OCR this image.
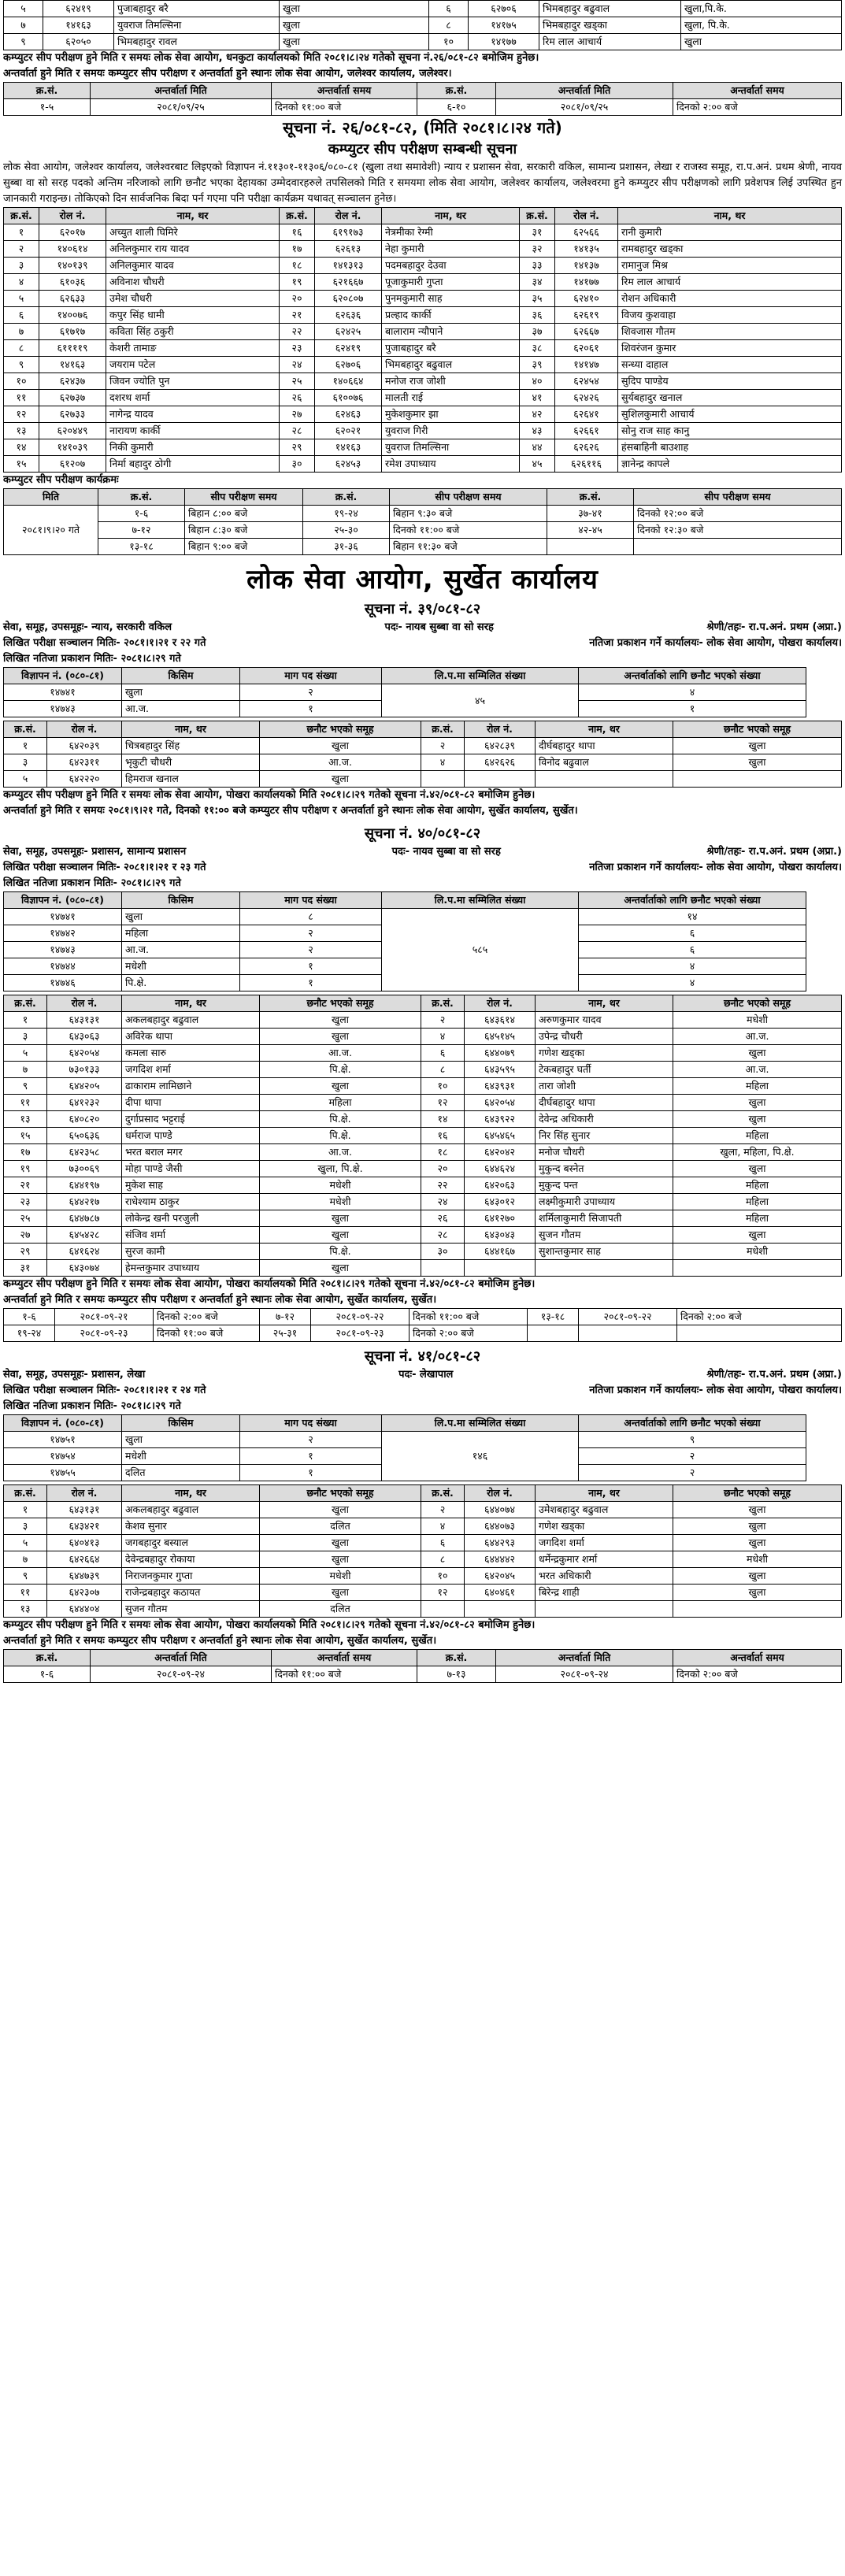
५	६२४१९	पुजाबहादुर बरै	खुला	६	६२७०६	भिमबहादुर बढुवाल	खुला,पि.के.
७	१४१६३	युवराज तिमल्सिना	खुला	८	१४१७५	भिमबहादुर खड्का	खुला, पि.के.
९	६२०५०	भिमबहादुर रावल	खुला	१०	१४१७७	रिम लाल आचार्य	खुला
कम्प्युटर सीप परीक्षण हुने मिति र समयः लोक सेवा आयोग, धनकुटा कार्यालयको मिति २०८१।८।२४ गतेको सूचना नं.२६/०८१-८२ बमोजिम हुनेछ।
अन्तर्वार्ता हुने मिति र समयः कम्प्युटर सीप परीक्षण र अन्तर्वार्ता हुने स्थानः लोक सेवा आयोग, जलेश्वर कार्यालय, जलेश्वर।
क्र.सं.	अन्तर्वार्ता मिति	अन्तर्वार्ता समय	क्र.सं.	अन्तर्वार्ता मिति	अन्तर्वार्ता समय
१-५	२०८१/०९/२५	दिनको ११:०० बजे	६-१०	२०८१/०९/२५	दिनको २:०० बजे
सूचना नं. २६/०८१-८२, (मिति २०८१।८।२४ गते)
कम्प्युटर सीप परीक्षण सम्बन्धी सूचना
लोक सेवा आयोग, जलेश्वर कार्यालय, जलेश्वरबाट लिइएको विज्ञापन नं.११३०१-११३०६/०८०-८१ (खुला तथा समावेशी) न्याय र प्रशासन सेवा, सरकारी वकिल, सामान्य प्रशासन, लेखा र राजस्व समूह, रा.प.अनं. प्रथम श्रेणी, नायव सुब्बा वा सो सरह पदको अन्तिम नरिजाको लागि छनौट भएका देहायका उम्मेदवारहरुले तपसिलको मिति र समयमा लोक सेवा आयोग, जलेश्वर कार्यालय, जलेश्वरमा हुने कम्प्युटर सीप परीक्षणको लागि प्रवेशपत्र लिई उपस्थित हुन जानकारी गराइन्छ। तोकिएको दिन सार्वजनिक बिदा पर्न गएमा पनि परीक्षा कार्यक्रम यथावत् सञ्चालन हुनेछ।
क्र.सं.	रोल नं.	नाम, थर	क्र.सं.	रोल नं.	नाम, थर	क्र.सं.	रोल नं.	नाम, थर
१	६२०१७	अच्युत शाली घिमिरे	१६	६१९१७३	नेत्रमीका रेग्मी	३१	६२५६६	रानी कुमारी
२	१४०६१४	अनिलकुमार राय यादव	१७	६२६१३	नेहा कुमारी	३२	१४१३५	रामबहादुर खड्का
३	१४०१३९	अनिलकुमार यादव	१८	१४१३१३	पदमबहादुर देउवा	३३	१४१३७	रामानुज मिश्र
४	६१०३६	अविनाश चौधरी	१९	६२१६६७	पूजाकुमारी गुप्ता	३४	१४१७७	रिम लाल आचार्य
५	६२६३३	उमेश चौधरी	२०	६२०८०७	पुनमकुमारी साह	३५	६२४१०	रोशन अधिकारी
६	१४००७६	कपुर सिंह धामी	२१	६२६३६	प्रल्हाद कार्की	३६	६२६१९	विजय कुशवाहा
७	६१७१७	कविता सिंह ठकुरी	२२	६२४२५	बालाराम न्यौपाने	३७	६२६६७	शिवजास गौतम
८	६११११९	केशरी तामाङ	२३	६२४१९	पुजाबहादुर बरै	३८	६२०६१	शिवरंजन कुमार
९	१४१६३	जयराम पटेल	२४	६२७०६	भिमबहादुर बढुवाल	३९	१४१४७	सन्ध्या दाहाल
१०	६२४३७	जिवन ज्योति पुन	२५	१४०६६४	मनोज राज जोशी	४०	६२४५४	सुदिप पाण्डेय
११	६२७३७	दशरथ शर्मा	२६	६१००७६	मालती राई	४१	६२४२६	सुर्यबहादुर खनाल
१२	६२७३३	नागेन्द्र यादव	२७	६२४६३	मुकेशकुमार झा	४२	६२६४१	सुशिलकुमारी आचार्य
१३	६२०४४९	नारायण कार्की	२८	६२०२१	युवराज गिरी	४३	६२६६१	सोनु राज साह कानु
१४	१४१०३९	निकी कुमारी	२९	१४१६३	युवराज तिमल्सिना	४४	६२६२६	हंसबाहिनी बाउशाह
१५	६१२०७	निर्मा बहादुर ठोगी	३०	६२४५३	रमेश उपाध्याय	४५	६२६११६	ज्ञानेन्द्र कापले
कम्प्युटर सीप परीक्षण कार्यक्रमः
मिति	क्र.सं.	सीप परीक्षण समय	क्र.सं.	सीप परीक्षण समय	क्र.सं.	सीप परीक्षण समय
२०८१।९।२० गते	१-६	बिहान ८:०० बजे	१९-२४	बिहान ९:३० बजे	३७-४१	दिनको १२:०० बजे
	७-१२	बिहान ८:३० बजे	२५-३०	दिनको ११:०० बजे	४२-४५	दिनको १२:३० बजे
	१३-१८	बिहान ९:०० बजे	३१-३६	बिहान ११:३० बजे		
लोक सेवा आयोग, सुर्खेत कार्यालय
सूचना नं. ३९/०८१-८२
सेवा, समूह, उपसमूहः- न्याय, सरकारी वकिल	पदः- नायब सुब्बा वा सो सरह	श्रेणी/तहः- रा.प.अनं. प्रथम (अप्रा.)
लिखित परीक्षा सञ्चालन मितिः- २०८१।१।२१ र २२ गते	नतिजा प्रकाशन गर्ने कार्यालयः- लोक सेवा आयोग, पोखरा कार्यालय।
लिखित नतिजा प्रकाशन मितिः- २०८१।८।२९ गते
विज्ञापन नं. (०८०-८१)	किसिम	माग पद संख्या	लि.प.मा सम्मिलित संख्या	अन्तर्वार्ताको लागि छनौट भएको संख्या
१४७४१	खुला	२	४५	४
१४७४३	आ.ज.	१		१
क्र.सं.	रोल नं.	नाम, थर	छनौट भएको समूह	क्र.सं.	रोल नं.	नाम, थर	छनौट भएको समूह
१	६४२०३९	चित्रबहादुर सिंह	खुला	२	६४२८३९	दीर्घबहादुर थापा	खुला
३	६४२३११	भृकुटी चौधरी	आ.ज.	४	६४२६२६	विनोद बढुवाल	खुला
५	६४२२२०	हिमराज खनाल	खुला				
कम्प्युटर सीप परीक्षण हुने मिति र समयः लोक सेवा आयोग, पोखरा कार्यालयको मिति २०८१।८।२९ गतेको सूचना नं.४२/०८१-८२ बमोजिम हुनेछ।
अन्तर्वार्ता हुने मिति र समयः २०८१।९।२१ गते, दिनको ११:०० बजे कम्प्युटर सीप परीक्षण र अन्तर्वार्ता हुने स्थानः लोक सेवा आयोग, सुर्खेत कार्यालय, सुर्खेत।
सूचना नं. ४०/०८१-८२
सेवा, समूह, उपसमूहः- प्रशासन, सामान्य प्रशासन	पदः- नायव सुब्बा वा सो सरह	श्रेणी/तहः- रा.प.अनं. प्रथम (अप्रा.)
लिखित परीक्षा सञ्चालन मितिः- २०८१।१।२१ र २३ गते	नतिजा प्रकाशन गर्ने कार्यालयः- लोक सेवा आयोग, पोखरा कार्यालय।
लिखित नतिजा प्रकाशन मितिः- २०८१।८।२९ गते
विज्ञापन नं. (०८०-८१)	किसिम	माग पद संख्या	लि.प.मा सम्मिलित संख्या	अन्तर्वार्ताको लागि छनौट भएको संख्या
१४७४१	खुला	८	५८५	१४
१४७४२	महिला	२		६
१४७४३	आ.ज.	२		६
१४७४४	मधेशी	१		४
१४७४६	पि.क्षे.	१		४
क्र.सं.	रोल नं.	नाम, थर	छनौट भएको समूह	क्र.सं.	रोल नं.	नाम, थर	छनौट भएको समूह
१	६४३१३१	अकलबहादुर बढुवाल	खुला	२	६४३६१४	अरुणकुमार यादव	मधेशी
३	६४३०६३	अविरेक थापा	खुला	४	६४५१४५	उपेन्द्र चौधरी	आ.ज.
५	६४२०५४	कमला सारु	आ.ज.	६	६४४०७९	गणेश खड्का	खुला
७	७३०१३३	जगदिश शर्मा	पि.क्षे.	८	६४३५९५	टेकबहादुर घर्ती	आ.ज.
९	६४४२०५	ढाकाराम लामिछाने	खुला	१०	६४३९३१	तारा जोशी	महिला
११	६४१२३२	दीपा थापा	महिला	१२	६४२०५४	दीर्घबहादुर थापा	खुला
१३	६४०८२०	दुर्गाप्रसाद भट्टराई	पि.क्षे.	१४	६४३९२२	देवेन्द्र अधिकारी	खुला
१५	६५०६३६	धर्मराज पाण्डे	पि.क्षे.	१६	६४५४६५	निर सिंह सुनार	महिला
१७	६४२३५८	भरत बराल मगर	आ.ज.	१८	६४२०४२	मनोज चौधरी	खुला, महिला, पि.क्षे.
१९	७३००६९	मोहा पाण्डे जैसी	खुला, पि.क्षे.	२०	६४४६२४	मुकुन्द बस्नेत	खुला
२१	६४४१९७	मुकेश साह	मधेशी	२२	६४२०६३	मुकुन्द पन्त	महिला
२३	६४४२१७	राधेश्याम ठाकुर	मधेशी	२४	६४३०१२	लक्ष्मीकुमारी उपाध्याय	महिला
२५	६४४७८७	लोकेन्द्र खनी परजुली	खुला	२६	६४१२७०	शर्मिलाकुमारी सिजापती	महिला
२७	६४५४२८	संजिव शर्मा	खुला	२८	६४३०४३	सुजन गौतम	खुला
२९	६४१६२४	सुरज कामी	पि.क्षे.	३०	६४४१६७	सुशान्तकुमार साह	मधेशी
३१	६४३०७४	हेमन्तकुमार उपाध्याय	खुला				
कम्प्युटर सीप परीक्षण हुने मिति र समयः लोक सेवा आयोग, पोखरा कार्यालयको मिति २०८१।८।२९ गतेको सूचना नं.४२/०८१-८२ बमोजिम हुनेछ।
अन्तर्वार्ता हुने मिति र समयः कम्प्युटर सीप परीक्षण र अन्तर्वार्ता हुने स्थानः लोक सेवा आयोग, सुर्खेत कार्यालय, सुर्खेत।
१-६	२०८१-०९-२१	दिनको २:०० बजे	७-१२	२०८१-०९-२२	दिनको ११:०० बजे	१३-१८	२०८१-०९-२२	दिनको २:०० बजे
१९-२४	२०८१-०९-२३	दिनको ११:०० बजे	२५-३१	२०८१-०९-२३	दिनको २:०० बजे			
सूचना नं. ४१/०८१-८२
सेवा, समूह, उपसमूहः- प्रशासन, लेखा	पदः- लेखापाल	श्रेणी/तहः- रा.प.अनं. प्रथम (अप्रा.)
लिखित परीक्षा सञ्चालन मितिः- २०८१।१।२१ र २४ गते	नतिजा प्रकाशन गर्ने कार्यालयः- लोक सेवा आयोग, पोखरा कार्यालय।
लिखित नतिजा प्रकाशन मितिः- २०८१।८।२९ गते
विज्ञापन नं. (०८०-८१)	किसिम	माग पद संख्या	लि.प.मा सम्मिलित संख्या	अन्तर्वार्ताको लागि छनौट भएको संख्या
१४७५१	खुला	२	१४६	९
१४७५४	मधेशी	१		२
१४७५५	दलित	१		२
क्र.सं.	रोल नं.	नाम, थर	छनौट भएको समूह	क्र.सं.	रोल नं.	नाम, थर	छनौट भएको समूह
१	६४३१३१	अकलबहादुर बढुवाल	खुला	२	६४४०७४	उमेशबहादुर बढुवाल	खुला
३	६४३४२१	केशव सुनार	दलित	४	६४४०७३	गणेश खड्का	खुला
५	६४०४१३	जगबहादुर बस्याल	खुला	६	६४४२९३	जगदिश शर्मा	खुला
७	६४२६६४	देवेन्द्रबहादुर रोकाया	खुला	८	६४४४४२	धर्मेन्द्रकुमार शर्मा	मधेशी
९	६४४७३९	निराजनकुमार गुप्ता	मधेशी	१०	६४२०४५	भरत अधिकारी	खुला
११	६४२३०७	राजेन्द्रबहादुर कठायत	खुला	१२	६४०४६१	बिरेन्द्र शाही	खुला
१३	६४४४०४	सुजन गौतम	दलित				
कम्प्युटर सीप परीक्षण हुने मिति र समयः लोक सेवा आयोग, पोखरा कार्यालयको मिति २०८१।८।२९ गतेको सूचना नं.४२/०८१-८२ बमोजिम हुनेछ।
अन्तर्वार्ता हुने मिति र समयः कम्प्युटर सीप परीक्षण र अन्तर्वार्ता हुने स्थानः लोक सेवा आयोग, सुर्खेत कार्यालय, सुर्खेत।
क्र.सं.	अन्तर्वार्ता मिति	अन्तर्वार्ता समय	क्र.सं.	अन्तर्वार्ता मिति	अन्तर्वार्ता समय
१-६	२०८१-०९-२४	दिनको ११:०० बजे	७-१३	२०८१-०९-२४	दिनको २:०० बजे
